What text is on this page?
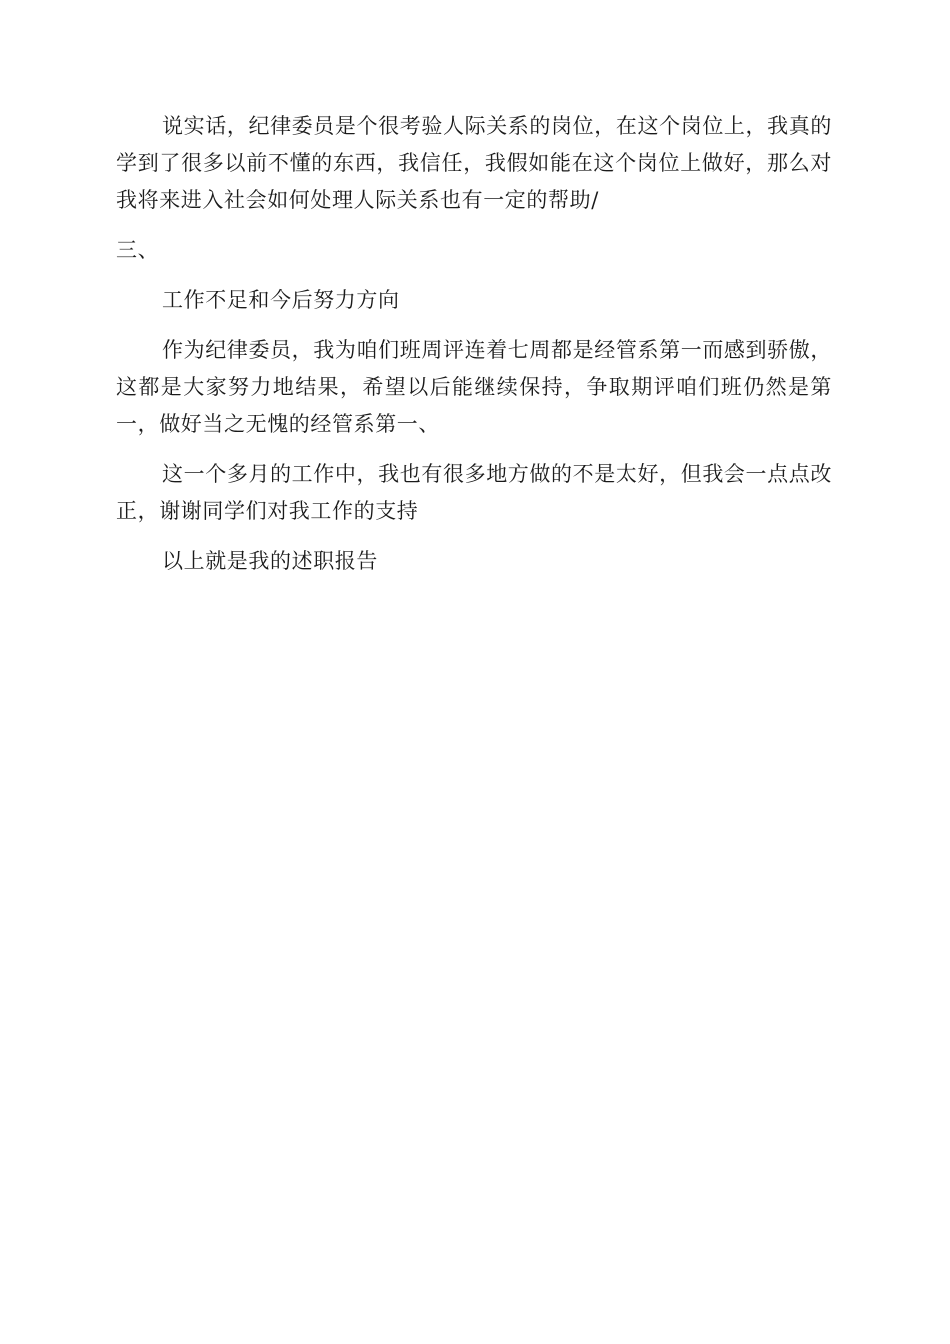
说实话，纪律委员是个很考验人际关系的岗位，在这个岗位上，我真的学到了很多以前不懂的东西，我信任，我假如能在这个岗位上做好，那么对我将来进入社会如何处理人际关系也有一定的帮助/

三、

工作不足和今后努力方向

作为纪律委员，我为咱们班周评连着七周都是经管系第一而感到骄傲，这都是大家努力地结果，希望以后能继续保持，争取期评咱们班仍然是第一，做好当之无愧的经管系第一、

这一个多月的工作中，我也有很多地方做的不是太好，但我会一点点改正，谢谢同学们对我工作的支持

以上就是我的述职报告
